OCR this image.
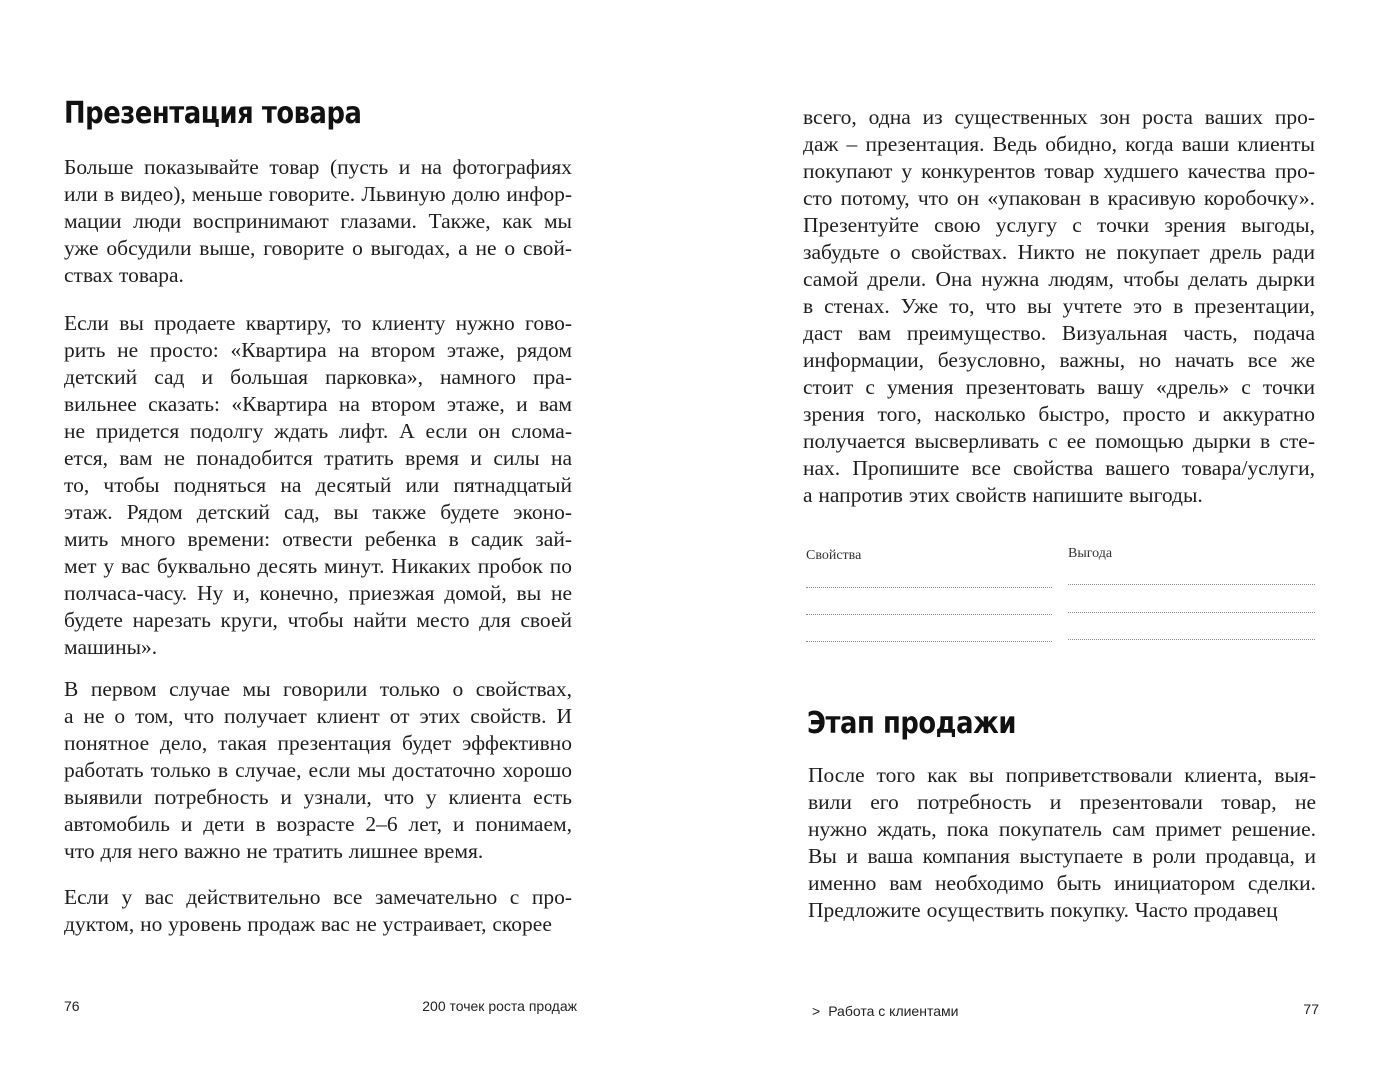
Презентация товара
Больше показывайте товар (пусть и на фотографиях
или в видео), меньше говорите. Львиную долю инфор-
мации люди воспринимают глазами. Также, как мы
уже обсудили выше, говорите о выгодах, а не о свой-
ствах товара.
Если вы продаете квартиру, то клиенту нужно гово-
рить не просто: «Квартира на втором этаже, рядом
детский сад и большая парковка», намного пра-
вильнее сказать: «Квартира на втором этаже, и вам
не придется подолгу ждать лифт. А если он слома-
ется, вам не понадобится тратить время и силы на
то, чтобы подняться на десятый или пятнадцатый
этаж. Рядом детский сад, вы также будете эконо-
мить много времени: отвести ребенка в садик зай-
мет у вас буквально десять минут. Никаких пробок по
полчаса-часу. Ну и, конечно, приезжая домой, вы не
будете нарезать круги, чтобы найти место для своей
машины».
В первом случае мы говорили только о свойствах,
а не о том, что получает клиент от этих свойств. И
понятное дело, такая презентация будет эффективно
работать только в случае, если мы достаточно хорошо
выявили потребность и узнали, что у клиента есть
автомобиль и дети в возрасте 2–6 лет, и понимаем,
что для него важно не тратить лишнее время.
Если у вас действительно все замечательно с про-
дуктом, но уровень продаж вас не устраивает, скорее
76	200 точек роста продаж
всего, одна из существенных зон роста ваших про-
даж – презентация. Ведь обидно, когда ваши клиенты
покупают у конкурентов товар худшего качества про-
сто потому, что он «упакован в красивую коробочку».
Презентуйте свою услугу с точки зрения выгоды,
забудьте о свойствах. Никто не покупает дрель ради
самой дрели. Она нужна людям, чтобы делать дырки
в стенах. Уже то, что вы учтете это в презентации,
даст вам преимущество. Визуальная часть, подача
информации, безусловно, важны, но начать все же
стоит с умения презентовать вашу «дрель» с точки
зрения того, насколько быстро, просто и аккуратно
получается высверливать с ее помощью дырки в сте-
нах. Пропишите все свойства вашего товара/услуги,
а напротив этих свойств напишите выгоды.
Свойства	Выгода
Этап продажи
После того как вы поприветствовали клиента, выя-
вили его потребность и презентовали товар, не
нужно ждать, пока покупатель сам примет решение.
Вы и ваша компания выступаете в роли продавца, и
именно вам необходимо быть инициатором сделки.
Предложите осуществить покупку. Часто продавец
> Работа с клиентами	77
